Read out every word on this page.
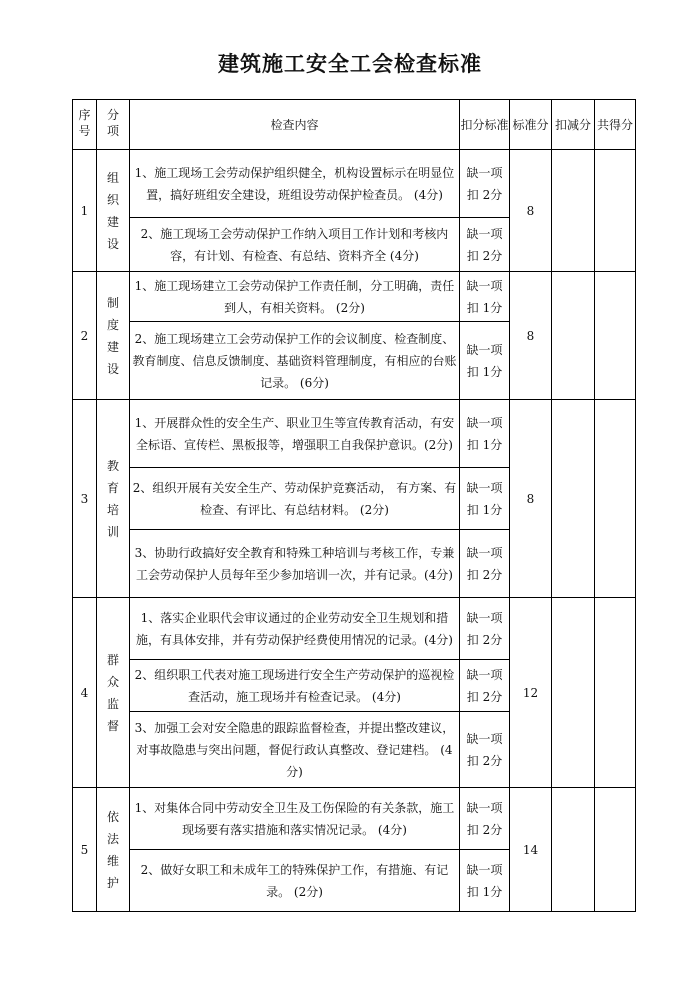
建筑施工安全工会检查标准
序号	分项	检查内容	扣分标准	标准分	扣减分	共得分
1	组织建设	1、施工现场工会劳动保护组织健全，机构设置标示在明显位置，搞好班组安全建设，班组设劳动保护检查员。 (4分)	缺一项扣 2分	8		
		2、施工现场工会劳动保护工作纳入项目工作计划和考核内容，有计划、有检查、有总结、资料齐全 (4分)	缺一项扣 2分			
2	制度建设	1、施工现场建立工会劳动保护工作责任制，分工明确，责任到人，有相关资料。 (2分)	缺一项扣 1分	8		
		2、施工现场建立工会劳动保护工作的会议制度、检查制度、教育制度、信息反馈制度、基础资料管理制度，有相应的台账记录。 (6分)	缺一项扣 1分			
3	教育培训	1、开展群众性的安全生产、职业卫生等宣传教育活动，有安全标语、宣传栏、黑板报等，增强职工自我保护意识。(2分)	缺一项扣 1分	8		
		2、组织开展有关安全生产、劳动保护竞赛活动， 有方案、有检查、有评比、有总结材料。 (2分)	缺一项扣 1分			
		3、协助行政搞好安全教育和特殊工种培训与考核工作，专兼工会劳动保护人员每年至少参加培训一次，并有记录。(4分)	缺一项扣 2分			
4	群众监督	1、落实企业职代会审议通过的企业劳动安全卫生规划和措施，有具体安排，并有劳动保护经费使用情况的记录。(4分)	缺一项扣 2分	12		
		2、组织职工代表对施工现场进行安全生产劳动保护的巡视检查活动，施工现场并有检查记录。 (4分)	缺一项扣 2分			
		3、加强工会对安全隐患的跟踪监督检查，并提出整改建议，对事故隐患与突出问题，督促行政认真整改、登记建档。 (4分)	缺一项扣 2分			
5	依法维护	1、对集体合同中劳动安全卫生及工伤保险的有关条款，施工现场要有落实措施和落实情况记录。 (4分)	缺一项扣 2分	14		
		2、做好女职工和未成年工的特殊保护工作，有措施、有记录。 (2分)	缺一项扣 1分			
